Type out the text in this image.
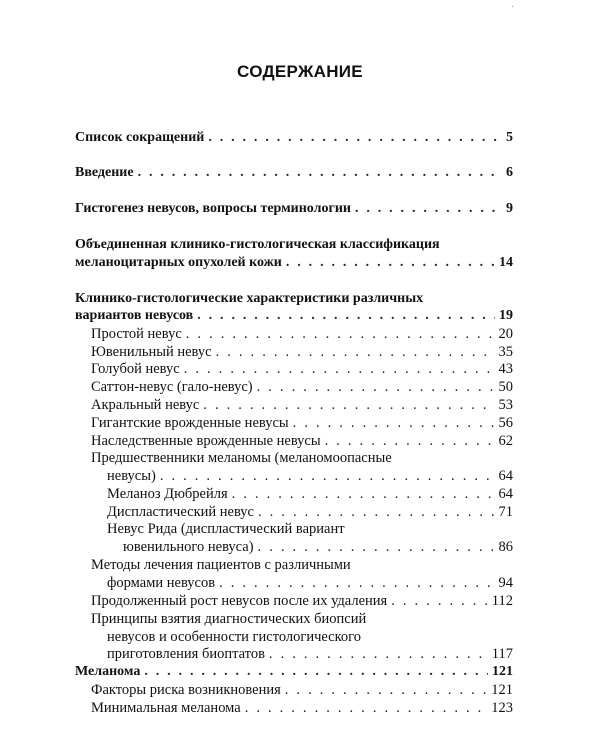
СОДЕРЖАНИЕ
Список сокращений . . .	5
Введение . . .	6
Гистогенез невусов, вопросы терминологии . . .	9
Объединенная клинико-гистологическая классификация
меланоцитарных опухолей кожи . . .	14
Клинико-гистологические характеристики различных
вариантов невусов . . .	19
Простой невус . . .	20
Ювенильный невус . . .	35
Голубой невус . . .	43
Саттон-невус (гало-невус) . . .	50
Акральный невус . . .	53
Гигантские врожденные невусы . . .	56
Наследственные врожденные невусы . . .	62
Предшественники меланомы (меланомоопасные
невусы) . . .	64
Меланоз Дюбрейля . . .	64
Диспластический невус . . .	71
Невус Рида (диспластический вариант
ювенильного невуса) . . .	86
Методы лечения пациентов с различными
формами невусов . . .	94
Продолженный рост невусов после их удаления . . .	112
Принципы взятия диагностических биопсий
невусов и особенности гистологического
приготовления биоптатов . . .	117
Меланома . . .	121
Факторы риска возникновения . . .	121
Минимальная меланома . . .	123
